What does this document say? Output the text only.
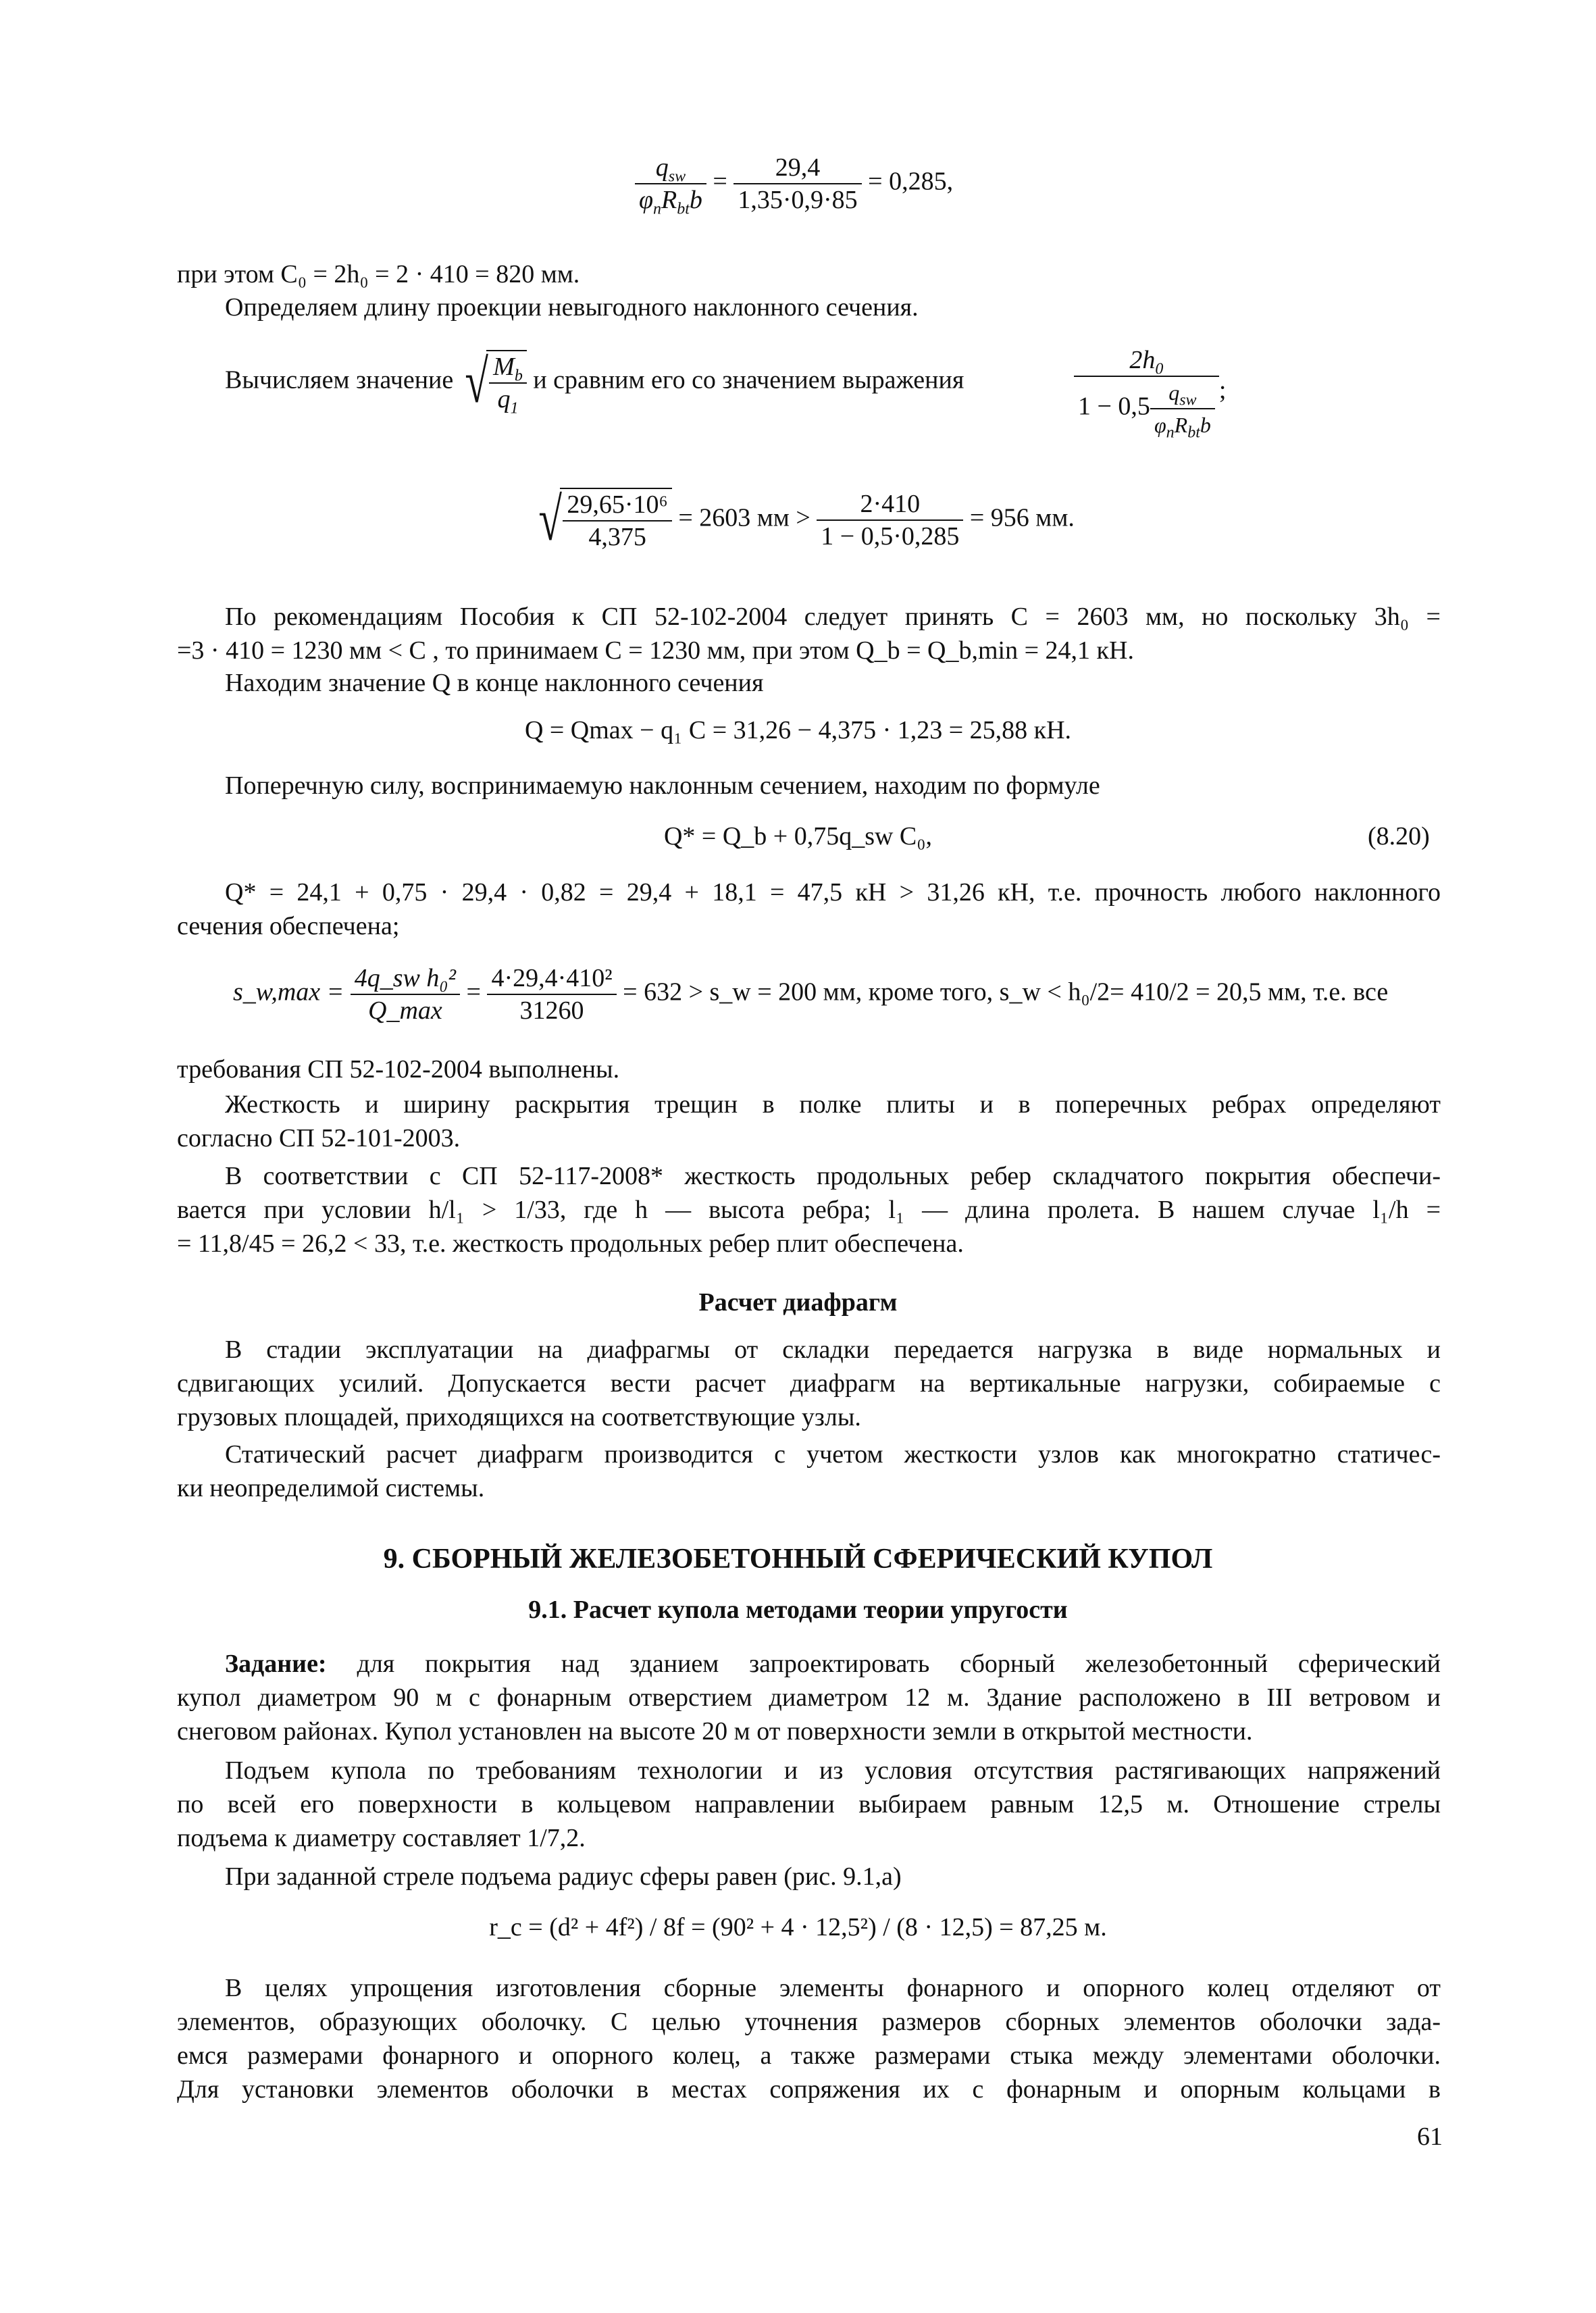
$\frac{q_{sw}}{\varphi_nR_{bt}b} = \frac{29,4}{1,35\cdot 0,9\cdot 85} = 0,285$,
при этом C₀ = 2h₀ = 2 · 410 = 820 мм.
Определяем длину проекции невыгодного наклонного сечения.
Вычисляем значение √ $\frac{M_b}{q_1}$ и сравним его со значением выражения	$\frac{2h_0}{1 - 0,5 \frac{q_{sw}}{\varphi_nR_{bt}b}}$ ;
√ $\frac{\text{29,65·10⁶}}{4,375} = 2603$ мм > $\frac{2\cdot 410}{1 - 0,5\cdot 0,285} = 956$ мм.
По рекомендациям Пособия к СП 52-102-2004 следует принять C = 2603 мм, но поскольку 3h₀ =
=3 · 410 = 1230 мм < C , то принимаем C = 1230 мм, при этом Q_b = Q_b,min = 24,1 кН.
Находим значение Q в конце наклонного сечения
Q = Qmax − q₁ C = 31,26 − 4,375 · 1,23 = 25,88 кН.
Поперечную силу, воспринимаемую наклонным сечением, находим по формуле
Q* = Q_b + 0,75q_sw C₀,	(8.20)
Q* = 24,1 + 0,75 · 29,4 · 0,82 = 29,4 + 18,1 = 47,5 кН > 31,26 кН, т.е. прочность любого наклонного
сечения обеспечена;
s_w,max = $\frac{\text{4q\_sw h₀²}}{Q\_\max} = \frac{\text{4·29,4·410²}}{31260} = 632$ > s_w = 200 мм, кроме того, s_w < h₀/2= 410/2 = 20,5 мм, т.е. все
требования СП 52-102-2004 выполнены.
Жесткость и ширину раскрытия трещин в полке плиты и в поперечных ребрах определяют
согласно СП 52-101-2003.
В соответствии с СП 52-117-2008* жесткость продольных ребер складчатого покрытия обеспечи-
вается при условии h/l₁ > 1/33, где h — высота ребра; l₁ — длина пролета. В нашем случае l₁/h =
= 11,8/45 = 26,2 < 33, т.е. жесткость продольных ребер плит обеспечена.
Расчет диафрагм
В стадии эксплуатации на диафрагмы от складки передается нагрузка в виде нормальных и
сдвигающих усилий. Допускается вести расчет диафрагм на вертикальные нагрузки, собираемые с
грузовых площадей, приходящихся на соответствующие узлы.
Статический расчет диафрагм производится с учетом жесткости узлов как многократно статичес-
ки неопределимой системы.
9. СБОРНЫЙ ЖЕЛЕЗОБЕТОННЫЙ СФЕРИЧЕСКИЙ КУПОЛ
9.1. Расчет купола методами теории упругости
Задание: для покрытия над зданием запроектировать сборный железобетонный сферический
купол диаметром 90 м с фонарным отверстием диаметром 12 м. Здание расположено в III ветровом и
снеговом районах. Купол установлен на высоте 20 м от поверхности земли в открытой местности.
Подъем купола по требованиям технологии и из условия отсутствия растягивающих напряжений
по всей его поверхности в кольцевом направлении выбираем равным 12,5 м. Отношение стрелы
подъема к диаметру составляет 1/7,2.
При заданной стреле подъема радиус сферы равен (рис. 9.1,а)
r_c = (d² + 4f²) / 8f = (90² + 4 · 12,5²) / (8 · 12,5) = 87,25 м.
В целях упрощения изготовления сборные элементы фонарного и опорного колец отделяют от
элементов, образующих оболочку. С целью уточнения размеров сборных элементов оболочки зада-
емся размерами фонарного и опорного колец, а также размерами стыка между элементами оболочки.
Для установки элементов оболочки в местах сопряжения их с фонарным и опорным кольцами в
61
